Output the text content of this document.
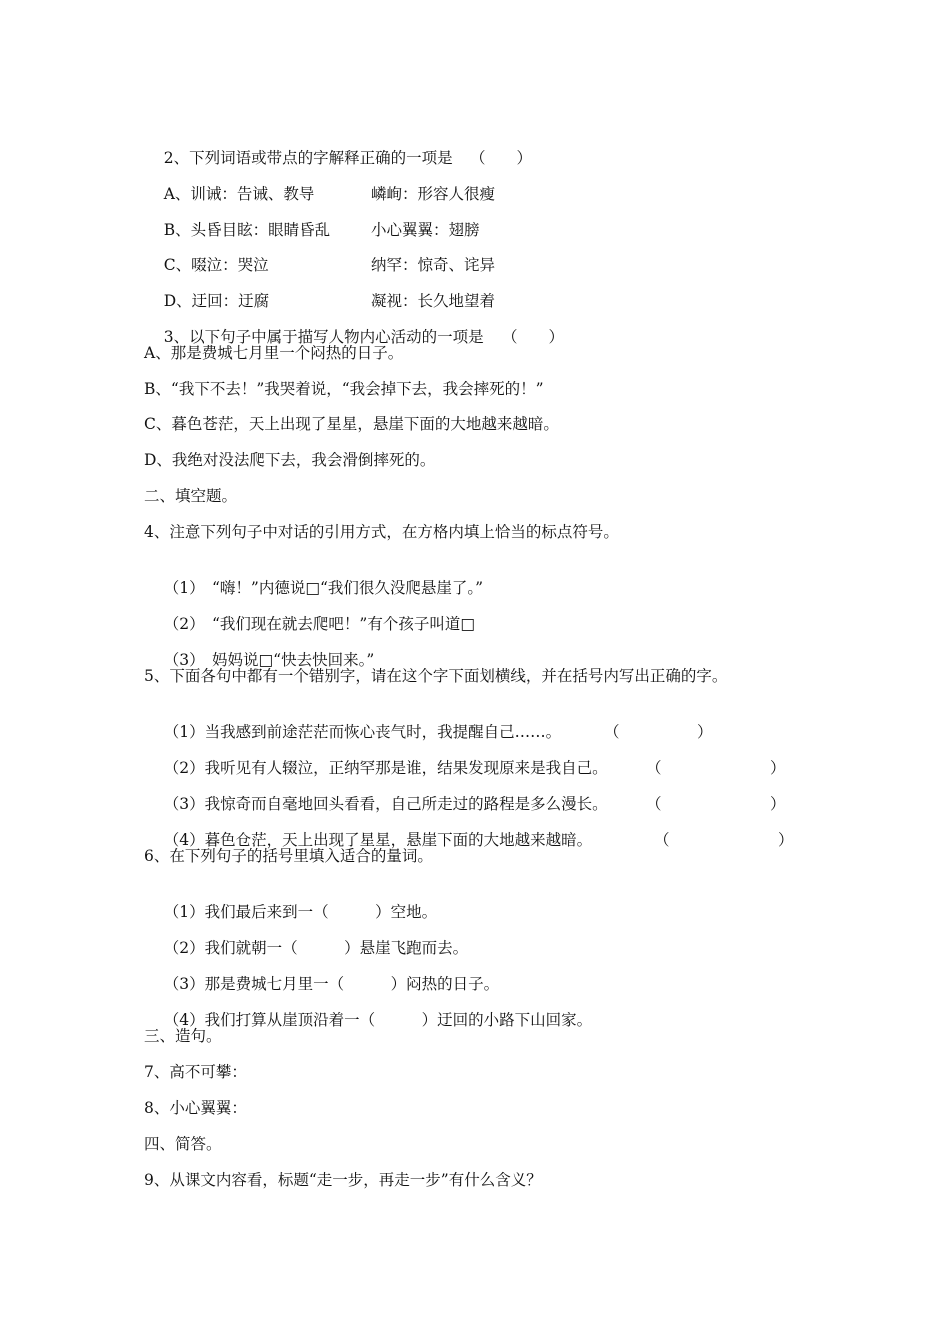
2、下列词语或带点的字解释正确的一项是 （　　）

A、训诫：告诫、教导	嶙峋：形容人很瘦

B、头昏目眩：眼睛昏乱	小心翼翼：翅膀

C、啜泣：哭泣	纳罕：惊奇、诧异

D、迂回：迂腐	凝视：长久地望着

3、以下句子中属于描写人物内心活动的一项是 （　　）

A、那是费城七月里一个闷热的日子。
B、“我下不去！”我哭着说，“我会掉下去，我会摔死的！”
C、暮色苍茫，天上出现了星星，悬崖下面的大地越来越暗。
D、我绝对没法爬下去，我会滑倒摔死的。
二、填空题。
4、注意下列句子中对话的引用方式，在方格内填上恰当的标点符号。

（1） “嗨！”内德说□“我们很久没爬悬崖了。”

（2） “我们现在就去爬吧！”有个孩子叫道□

（3） 妈妈说□“快去快回来。”

5、下面各句中都有一个错别字，请在这个字下面划横线，并在括号内写出正确的字。

（1）当我感到前途茫茫而恢心丧气时，我提醒自己……。	（　　　　　）

（2）我听见有人辍泣，正纳罕那是谁，结果发现原来是我自己。 （　　　　　　　）

（3）我惊奇而自毫地回头看看，自己所走过的路程是多么漫长。 （　　　　　　　）

（4）暮色仓茫，天上出现了星星，悬崖下面的大地越来越暗。	（　　　　　　　）

6、在下列句子的括号里填入适合的量词。

（1）我们最后来到一（　　　）空地。

（2）我们就朝一（　　　）悬崖飞跑而去。

（3）那是费城七月里一（　　　）闷热的日子。

（4）我们打算从崖顶沿着一（　　　）迂回的小路下山回家。

三、造句。
7、高不可攀：
8、小心翼翼：
四、简答。
9、从课文内容看，标题“走一步，再走一步”有什么含义？
